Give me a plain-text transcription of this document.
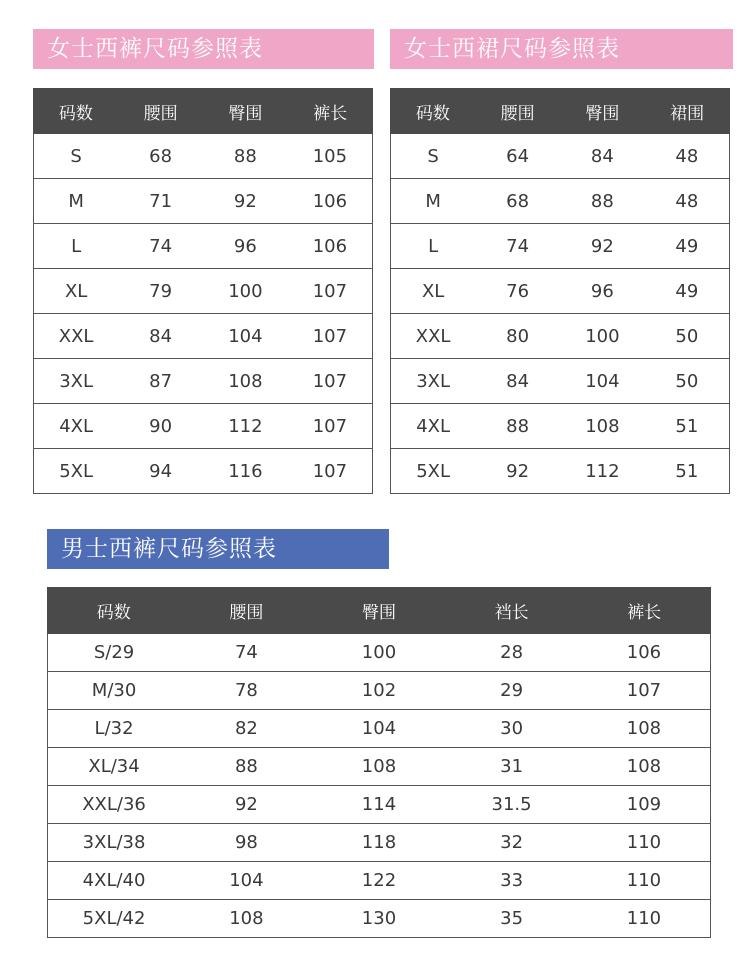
女士西裤尺码参照表
码数	腰围	臀围	裤长
S	68	88	105
M	71	92	106
L	74	96	106
XL	79	100	107
XXL	84	104	107
3XL	87	108	107
4XL	90	112	107
5XL	94	116	107
女士西裙尺码参照表
码数	腰围	臀围	裙围
S	64	84	48
M	68	88	48
L	74	92	49
XL	76	96	49
XXL	80	100	50
3XL	84	104	50
4XL	88	108	51
5XL	92	112	51
男士西裤尺码参照表
码数	腰围	臀围	裆长	裤长
S/29	74	100	28	106
M/30	78	102	29	107
L/32	82	104	30	108
XL/34	88	108	31	108
XXL/36	92	114	31.5	109
3XL/38	98	118	32	110
4XL/40	104	122	33	110
5XL/42	108	130	35	110
